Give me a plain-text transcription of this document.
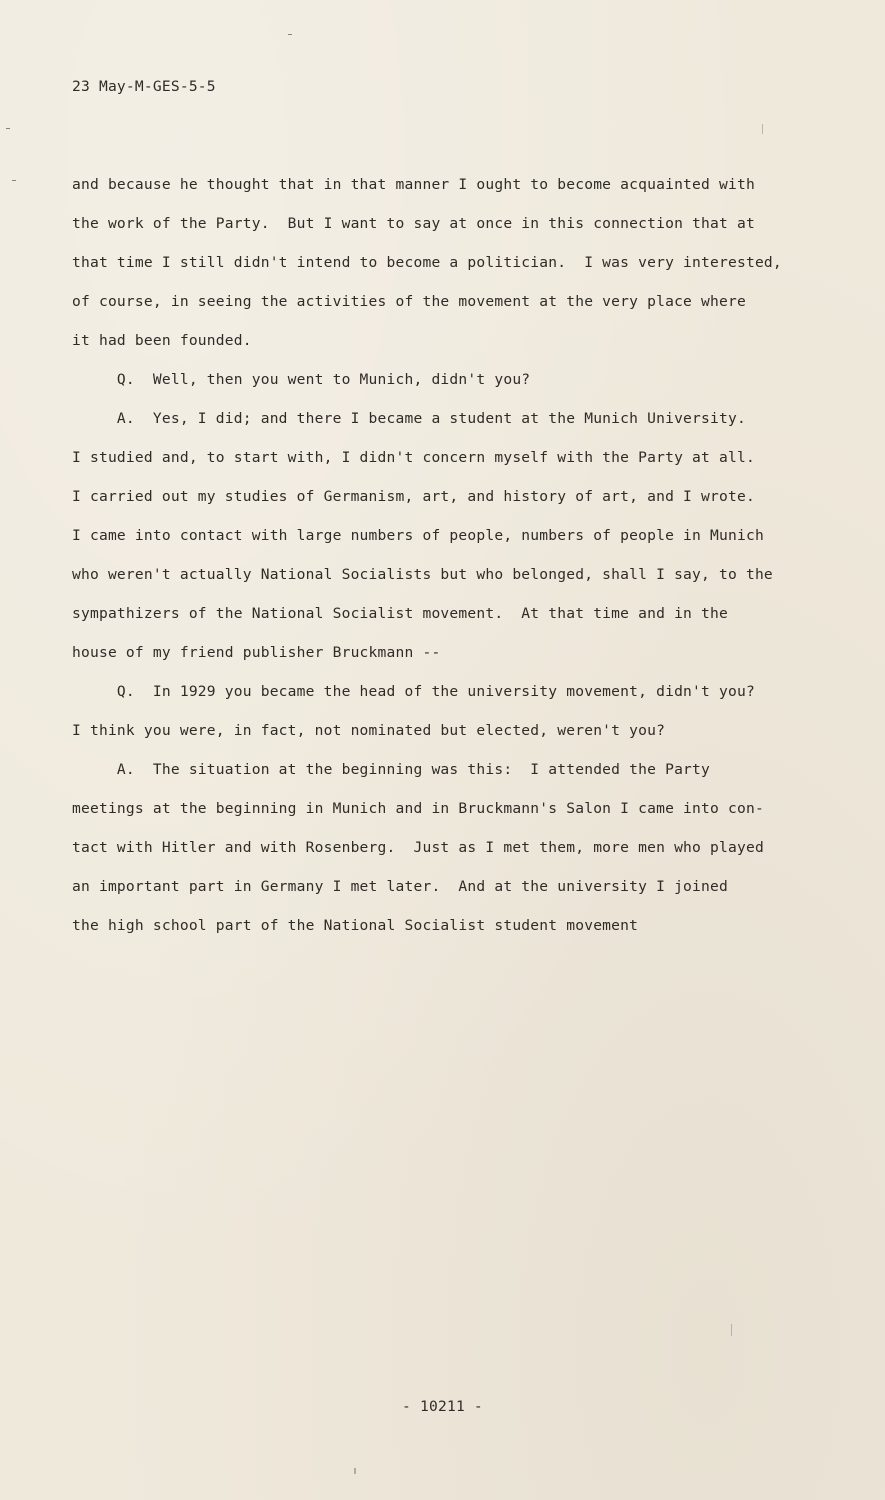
23 May-M-GES-5-5
and because he thought that in that manner I ought to become acquainted with
the work of the Party.  But I want to say at once in this connection that at
that time I still didn't intend to become a politician.  I was very interested,
of course, in seeing the activities of the movement at the very place where
it had been founded.
Q.  Well, then you went to Munich, didn't you?
A.  Yes, I did; and there I became a student at the Munich University.
I studied and, to start with, I didn't concern myself with the Party at all.
I carried out my studies of Germanism, art, and history of art, and I wrote.
I came into contact with large numbers of people, numbers of people in Munich
who weren't actually National Socialists but who belonged, shall I say, to the
sympathizers of the National Socialist movement.  At that time and in the
house of my friend publisher Bruckmann --
Q.  In 1929 you became the head of the university movement, didn't you?
I think you were, in fact, not nominated but elected, weren't you?
A.  The situation at the beginning was this:  I attended the Party
meetings at the beginning in Munich and in Bruckmann's Salon I came into con-
tact with Hitler and with Rosenberg.  Just as I met them, more men who played
an important part in Germany I met later.  And at the university I joined
the high school part of the National Socialist student movement
- 10211 -
